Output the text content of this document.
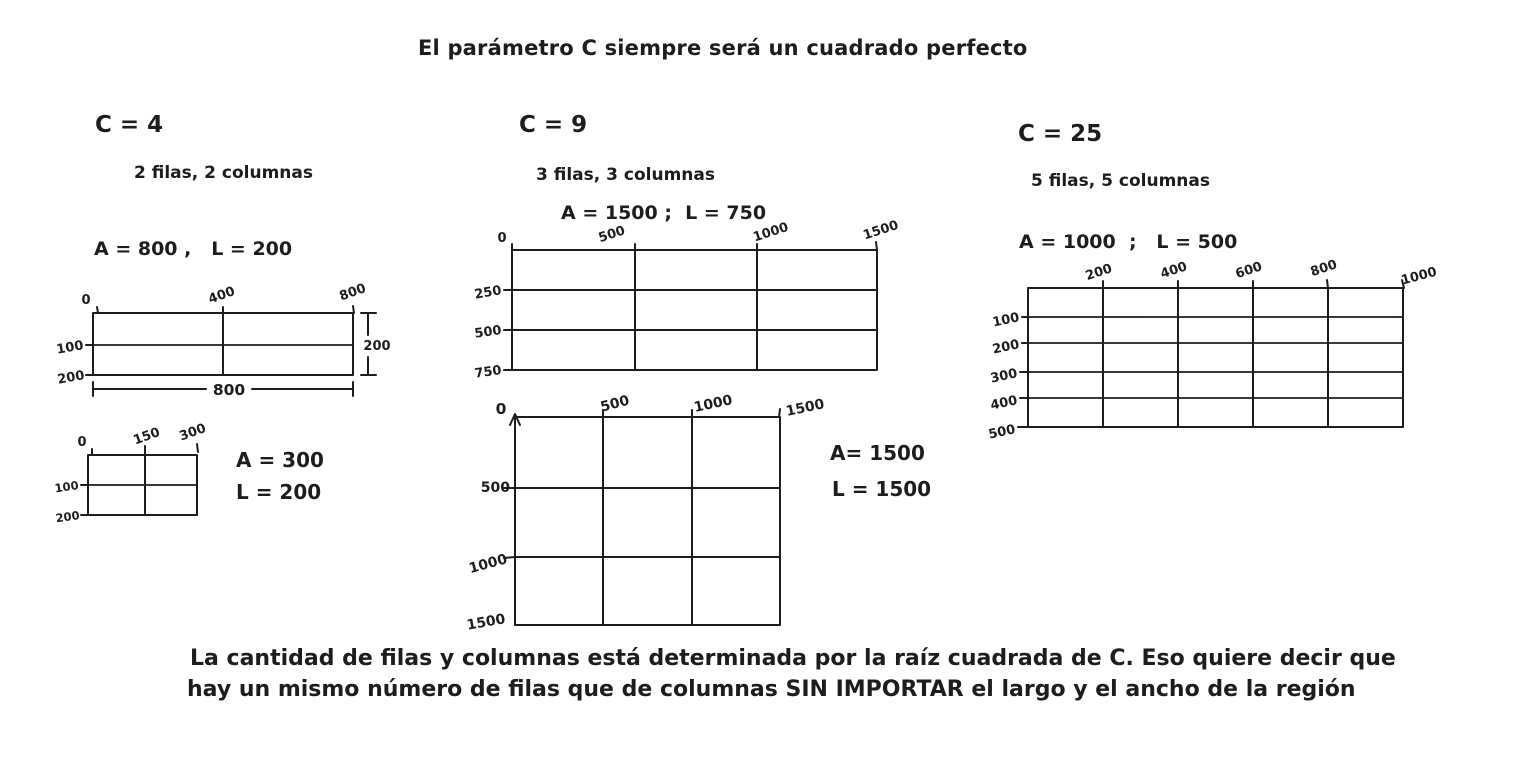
El parámetro C siempre será un cuadrado perfecto
C = 4
2 filas, 2 columnas
A = 800 ,   L = 200
0	400	800
100
200
200
800
0	150 300
100
200
A = 300
L = 200
C = 9
3 filas, 3 columnas
A = 1500 ;  L = 750
0	500	1000	1500
250
500
750
0	500	1000	1500
500
1000
1500
A= 1500
L = 1500
C = 25
5 filas, 5 columnas
A = 1000  ;   L = 500
200	400	600	800	1000
100
200
300
400
500
La cantidad de filas y columnas está determinada por la raíz cuadrada de C. Eso quiere decir que
hay un mismo número de filas que de columnas SIN IMPORTAR el largo y el ancho de la región
